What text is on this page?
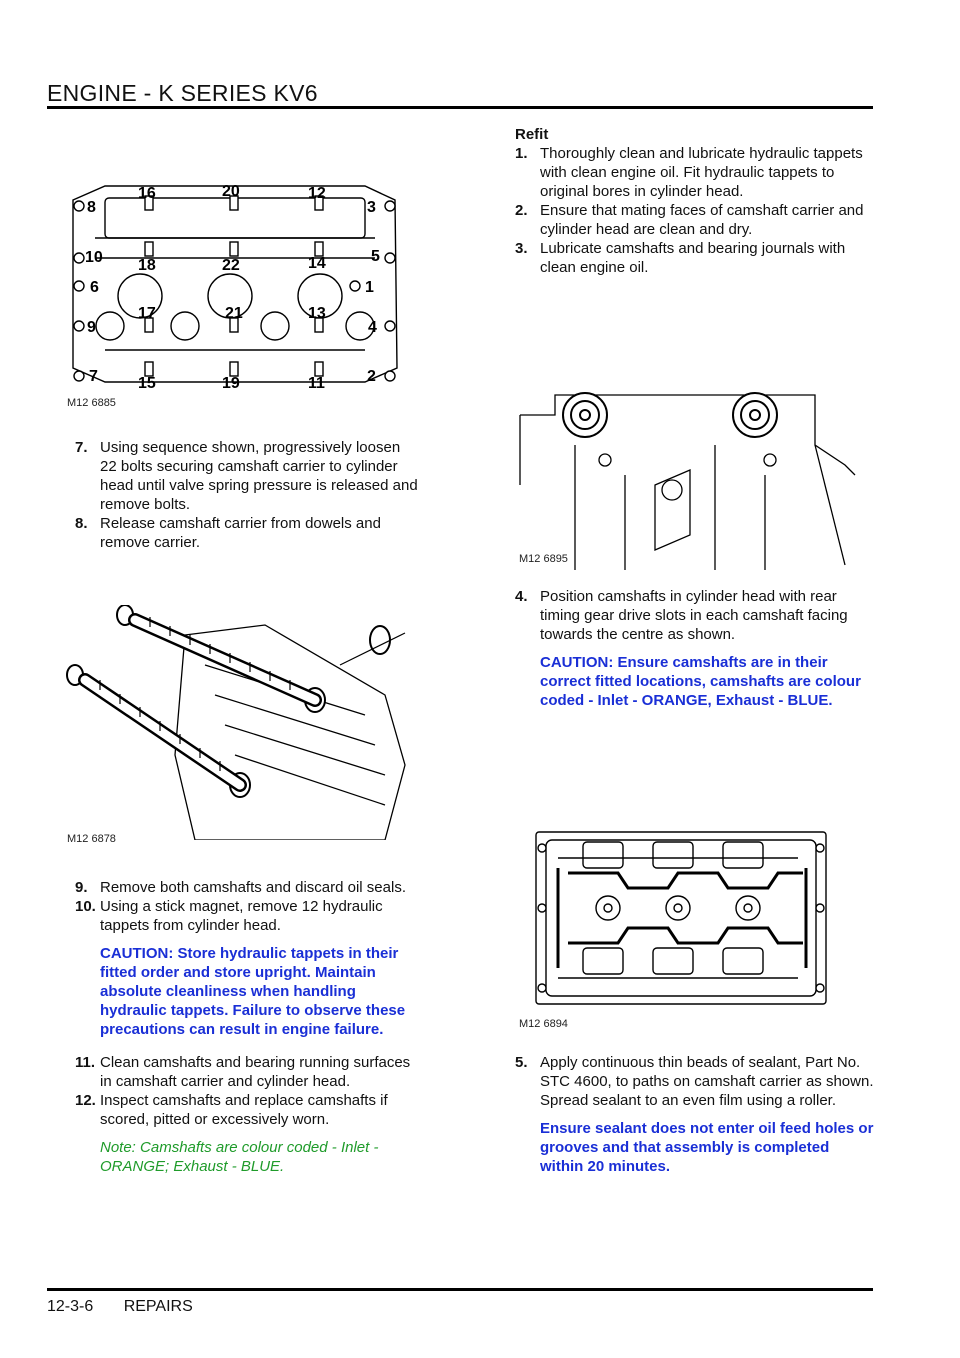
ENGINE - K SERIES KV6
1
2
3
4
5
6
7
8
9
10
11
12
13
14
15
16
17
18
19
20
21
22
M12 6885

7. Using sequence shown, progressively loosen 22 bolts securing camshaft carrier to cylinder head until valve spring pressure is released and remove bolts.

8. Release camshaft carrier from dowels and remove carrier.

M12 6878

9. Remove both camshafts and discard oil seals.

10. Using a stick magnet, remove 12 hydraulic tappets from cylinder head.

CAUTION: Store hydraulic tappets in their fitted order and store upright. Maintain absolute cleanliness when handling hydraulic tappets. Failure to observe these precautions can result in engine failure.

11. Clean camshafts and bearing running surfaces in camshaft carrier and cylinder head.

12. Inspect camshafts and replace camshafts if scored, pitted or excessively worn.

Note: Camshafts are colour coded - Inlet - ORANGE; Exhaust - BLUE.

Refit

1. Thoroughly clean and lubricate hydraulic tappets with clean engine oil. Fit hydraulic tappets to original bores in cylinder head.

2. Ensure that mating faces of camshaft carrier and cylinder head are clean and dry.

3. Lubricate camshafts and bearing journals with clean engine oil.

M12 6895

4. Position camshafts in cylinder head with rear timing gear drive slots in each camshaft facing towards the centre as shown.

CAUTION: Ensure camshafts are in their correct fitted locations, camshafts are colour coded - Inlet - ORANGE, Exhaust - BLUE.

M12 6894

5. Apply continuous thin beads of sealant, Part No. STC 4600, to paths on camshaft carrier as shown. Spread sealant to an even film using a roller.

Ensure sealant does not enter oil feed holes or grooves and that assembly is completed within 20 minutes.

12-3-6 REPAIRS
